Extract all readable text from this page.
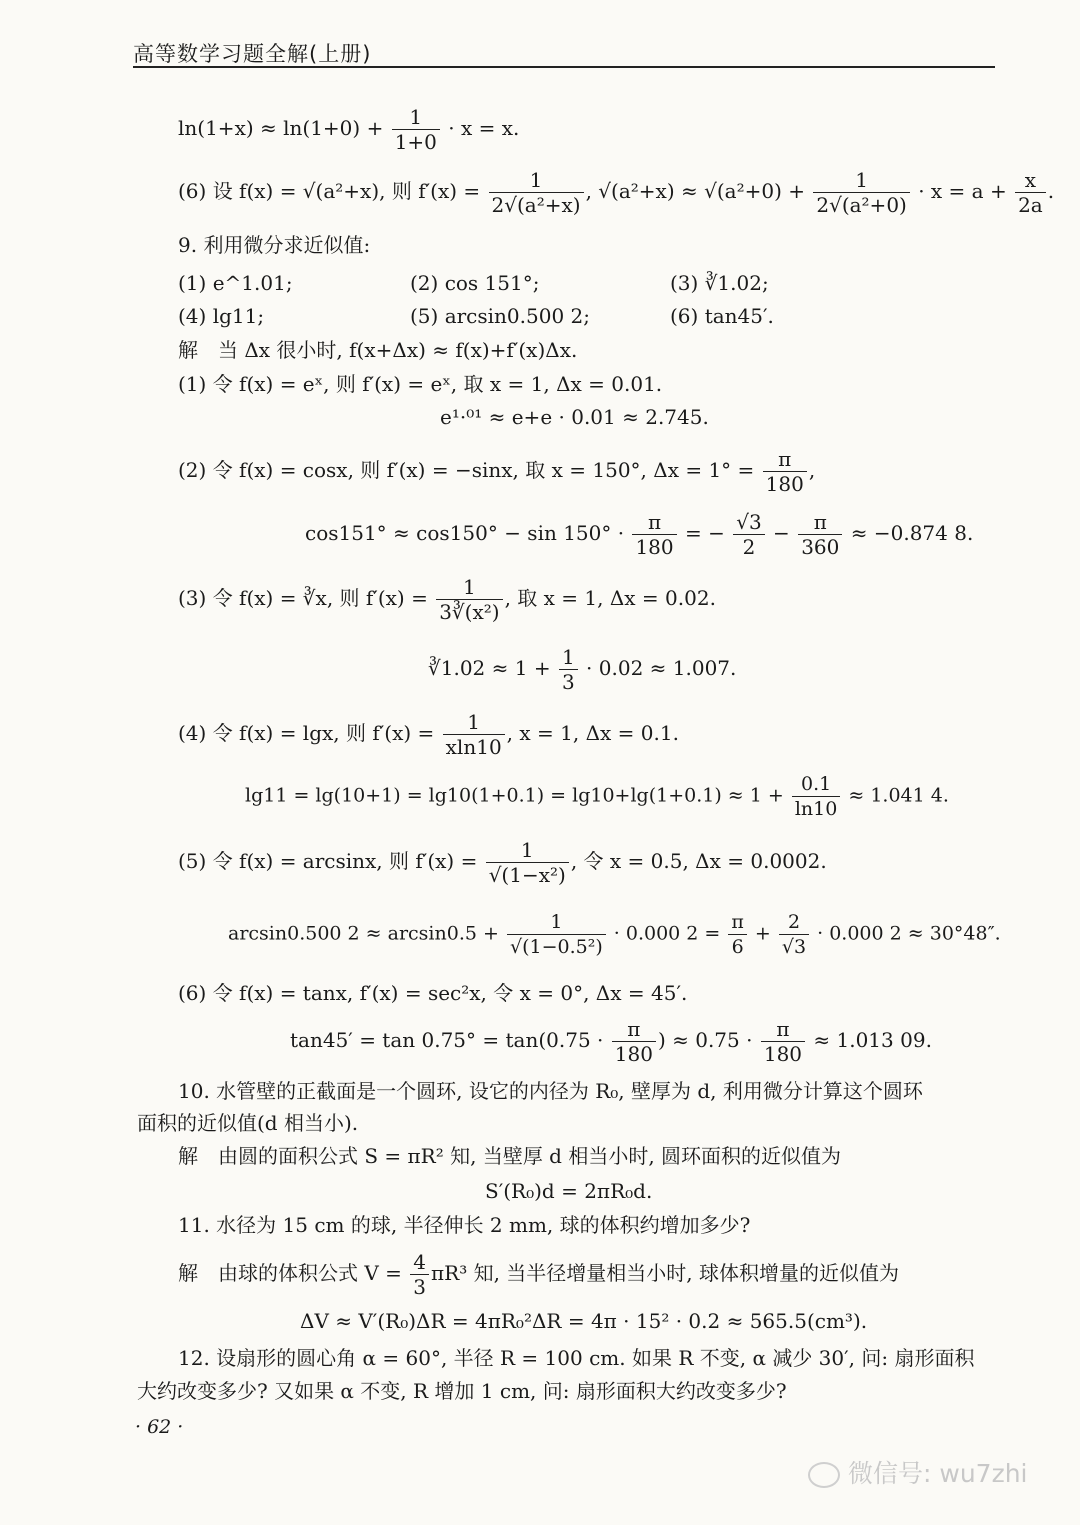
高等数学习题全解(上册)
$\ln(1+x) \approx \ln(1+0) + \frac{1}{1+0} \cdot x = x$.
(6) 设 f(x) = √(a²+x), 则 $f'(x) = \frac{1}{\text{2√(a²+x)}}$ , $√(a^2+x) \approx √(a^2+0) + \frac{1}{\text{2√(a²+0)}} \cdot x = a + \frac{x}{2a}$ .
9. 利用微分求近似值:
(1) e^1.01;	(2) cos 151°;	(3) ∛1.02;
(4) lg11;	(5) arcsin0.500 2;	(6) tan45′.
解　当 Δx 很小时, f(x+Δx) ≈ f(x)+f′(x)Δx.
(1) 令 f(x) = eˣ, 则 f′(x) = eˣ, 取 x = 1, Δx = 0.01.
e¹·⁰¹ ≈ e+e · 0.01 ≈ 2.745.
(2) 令 f(x) = cosx, 则 f′(x) = −sinx, 取 x = 150°, $\Delta x = 1^\circ = \frac{\pi}{180}$ ,
$\cos 151^\circ \approx \cos 150^\circ - \sin 150^\circ \cdot \frac{\pi}{180}$ = − $\frac{√3}{2} - \frac{\pi}{360} \approx -0.874$ 8.
(3) 令 f(x) = ∛x, 则 $f'(x) = \frac{1}{\text{3∛(x²)}}$ , 取 x = 1, Δx = 0.02.
∛1.02 ≈ $1 + \frac{1}{3} \cdot 0.02 \approx 1.007$.
(4) 令 f(x) = lgx, 则 $f'(x) = \frac{1}{xln10}$ , x = 1, Δx = 0.1.
$\lg 11 = \lg(10+1) = \lg 10(1+0.1) = \lg 10+\lg(1+0.1) \approx 1 + \frac{0.1}{\ln 10} \approx 1.041$ 4.
(5) 令 f(x) = arcsinx, 则 $f'(x) = \frac{1}{\text{√(1−x²)}}$ , 令 x = 0.5, Δx = 0.0002.
arcsin0.500 $2 \approx \arcsin 0.5 + \frac{1}{\text{√(1−0.5²)}} \cdot 0.000$ $2 = \frac{\pi}{6} + \frac{2}{√3} \cdot 0.000$ 2 ≈ 30°48″.
(6) 令 f(x) = tanx, f′(x) = sec²x, 令 x = 0°, Δx = 45′.
$\tan 45' = \tan 0.75^\circ = \tan(0.75 \cdot \frac{\pi}{180}$ ) ≈ $0.75 \cdot \frac{\pi}{180} \approx 1.013$ 09.
10. 水管壁的正截面是一个圆环, 设它的内径为 R₀, 壁厚为 d, 利用微分计算这个圆环
面积的近似值(d 相当小).
解　由圆的面积公式 S = πR² 知, 当壁厚 d 相当小时, 圆环面积的近似值为
S′(R₀)d = 2πR₀d.
11. 水径为 15 cm 的球, 半径伸长 2 mm, 球的体积约增加多少?
解　由球的体积公式 $V = \frac{4}{3} \pi R^3$ 知, 当半径增量相当小时, 球体积增量的近似值为
ΔV ≈ V′(R₀)ΔR = 4πR₀²ΔR = 4π · 15² · 0.2 ≈ 565.5(cm³).
12. 设扇形的圆心角 α = 60°, 半径 R = 100 cm. 如果 R 不变, α 减少 30′, 问: 扇形面积
大约改变多少? 又如果 α 不变, R 增加 1 cm, 问: 扇形面积大约改变多少?
· 62 ·
微信号: wu7zhi
